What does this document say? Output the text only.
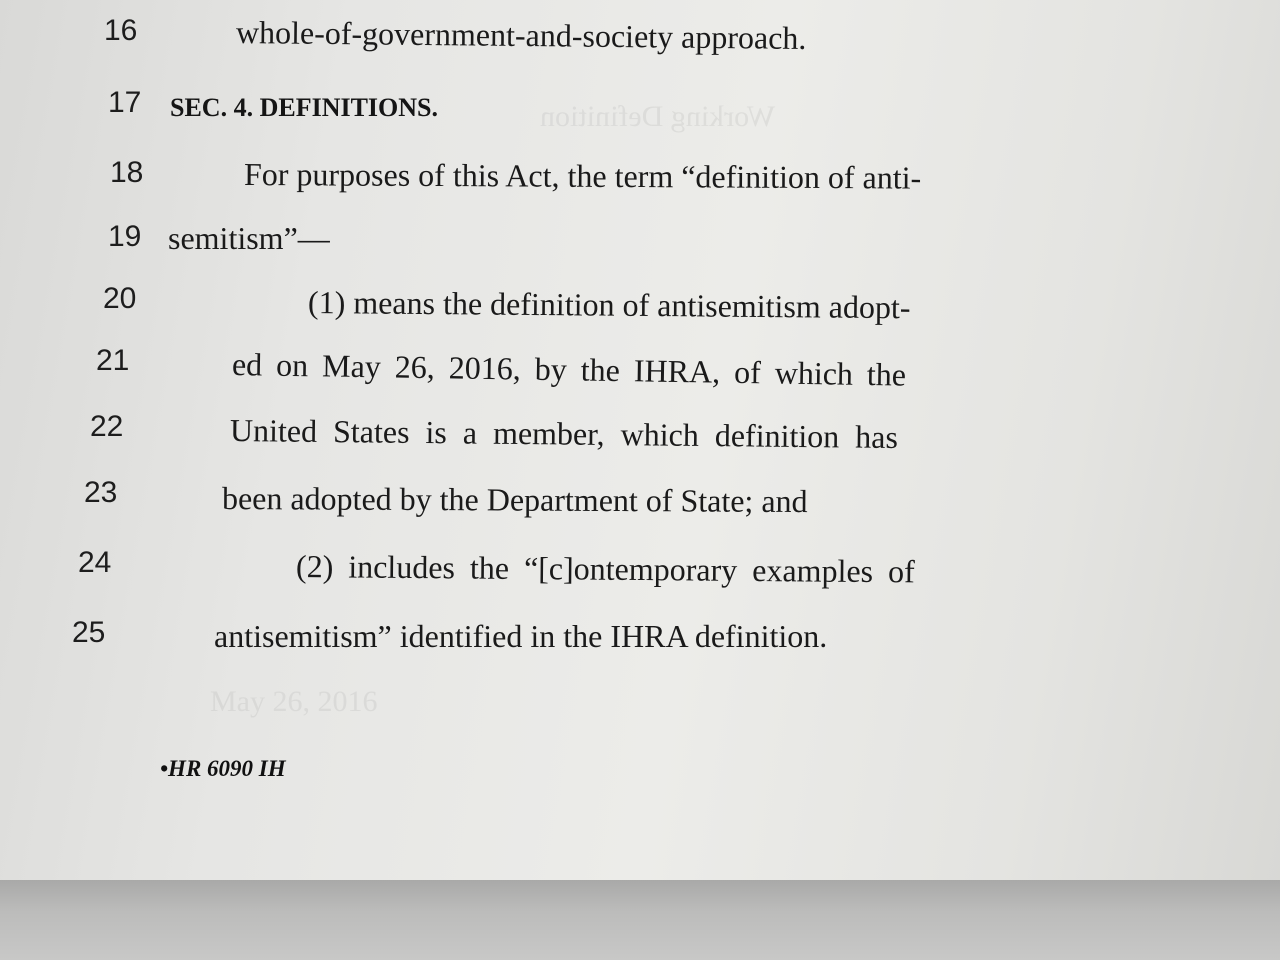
Working Definition
May 26, 2016
16	whole-of-government-and-society approach.
17 SEC. 4. DEFINITIONS.
18	For purposes of this Act, the term “definition of anti-
19 semitism”—
20	(1) means the definition of antisemitism adopt-
21	ed on May 26, 2016, by the IHRA, of which the
22	United States is a member, which definition has
23	been adopted by the Department of State; and
24	(2) includes the “[c]ontemporary examples of
25	antisemitism” identified in the IHRA definition.
•HR 6090 IH
